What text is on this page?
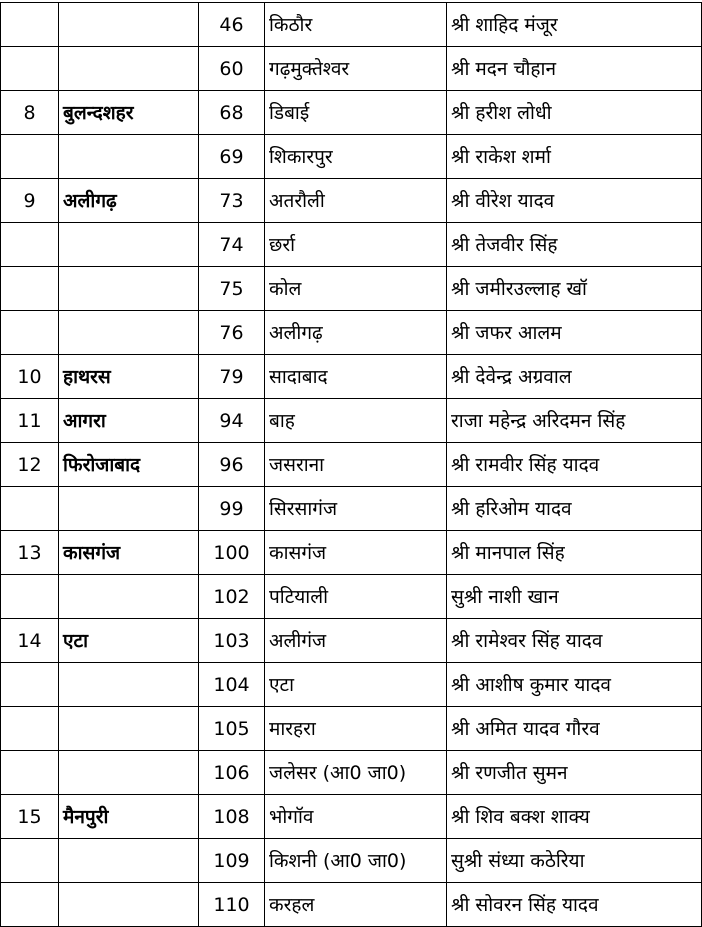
		46	किठौर	श्री शाहिद मंजूर
		60	गढ़मुक्तेश्वर	श्री मदन चौहान
8	बुलन्दशहर	68	डिबाई	श्री हरीश लोधी
		69	शिकारपुर	श्री राकेश शर्मा
9	अलीगढ़	73	अतरौली	श्री वीरेश यादव
		74	छर्रा	श्री तेजवीर सिंह
		75	कोल	श्री जमीरउल्लाह खॉ
		76	अलीगढ़	श्री जफर आलम
10	हाथरस	79	सादाबाद	श्री देवेन्द्र अग्रवाल
11	आगरा	94	बाह	राजा महेन्द्र अरिदमन सिंह
12	फिरोजाबाद	96	जसराना	श्री रामवीर सिंह यादव
		99	सिरसागंज	श्री हरिओम यादव
13	कासगंज	100	कासगंज	श्री मानपाल सिंह
		102	पटियाली	सुश्री नाशी खान
14	एटा	103	अलीगंज	श्री रामेश्वर सिंह यादव
		104	एटा	श्री आशीष कुमार यादव
		105	मारहरा	श्री अमित यादव गौरव
		106	जलेसर (आ0 जा0)	श्री रणजीत सुमन
15	मैनपुरी	108	भोगॉव	श्री शिव बक्श शाक्य
		109	किशनी (आ0 जा0)	सुश्री संध्या कठेरिया
		110	करहल	श्री सोवरन सिंह यादव
